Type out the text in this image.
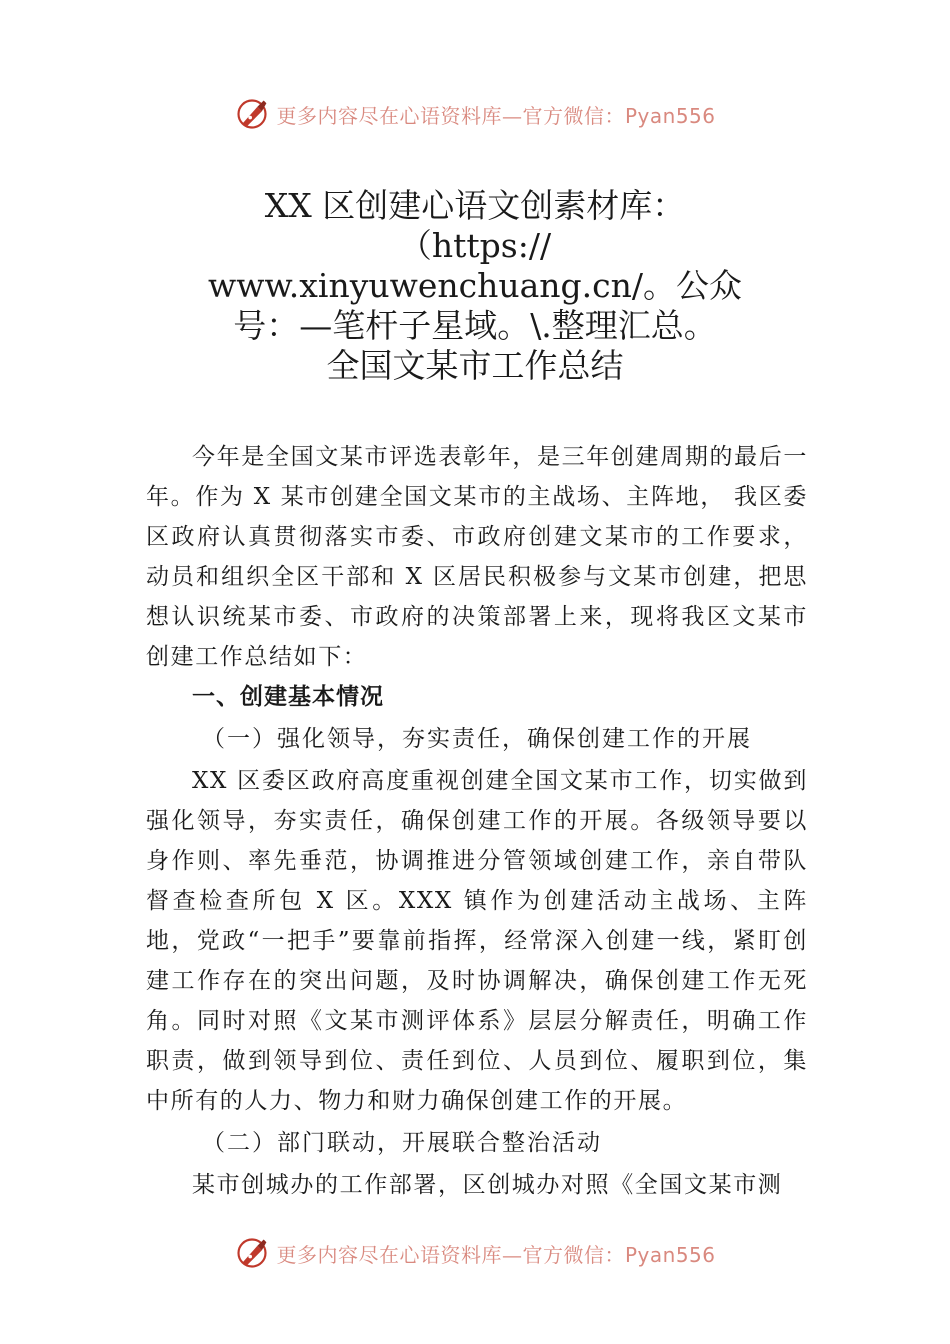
更多内容尽在心语资料库—官方微信：Pyan556
XX 区创建心语文创素材库：
（https://
www.xinyuwenchuang.cn/。公众
号：—笔杆子星域。\.整理汇总。
全国文某市工作总结

今年是全国文某市评选表彰年，是三年创建周期的最后一年。作为 X 某市创建全国文某市的主战场、主阵地， 我区委区政府认真贯彻落实市委、市政府创建文某市的工作要求，动员和组织全区干部和 X 区居民积极参与文某市创建，把思想认识统某市委、市政府的决策部署上来，现将我区文某市创建工作总结如下：

一、创建基本情况

（一）强化领导，夯实责任，确保创建工作的开展

XX 区委区政府高度重视创建全国文某市工作，切实做到强化领导，夯实责任，确保创建工作的开展。各级领导要以身作则、率先垂范，协调推进分管领域创建工作，亲自带队督查检查所包 X 区。XXX 镇作为创建活动主战场、主阵地，党政“一把手”要靠前指挥，经常深入创建一线，紧盯创建工作存在的突出问题，及时协调解决，确保创建工作无死角。同时对照《文某市测评体系》层层分解责任，明确工作职责，做到领导到位、责任到位、人员到位、履职到位，集中所有的人力、物力和财力确保创建工作的开展。

（二）部门联动，开展联合整治活动

某市创城办的工作部署，区创城办对照《全国文某市测

更多内容尽在心语资料库—官方微信：Pyan556
